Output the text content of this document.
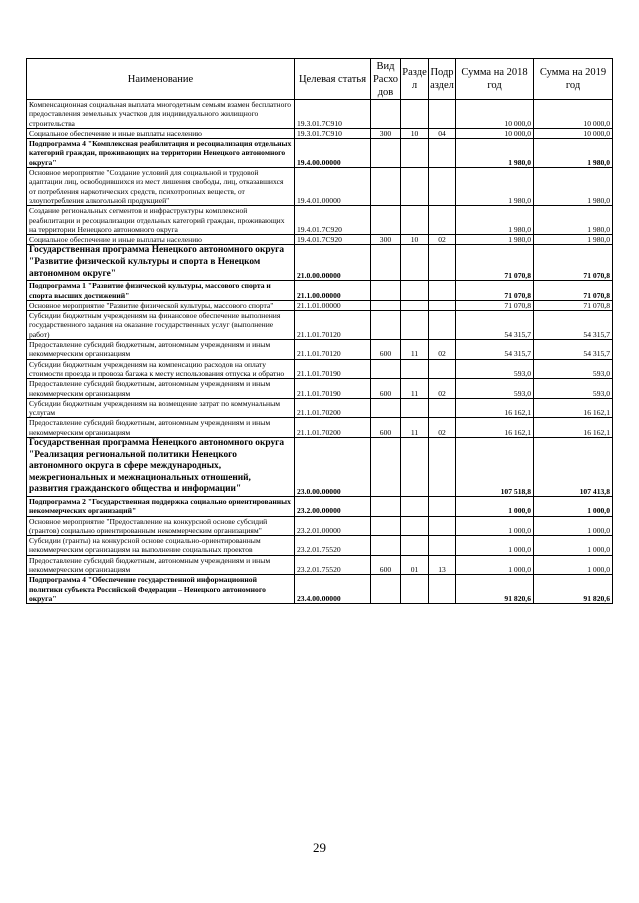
Наименование	Целевая статья	Вид Расхо дов	Разде л	Подр аздел	Сумма на 2018 год	Сумма на 2019 год
Компенсационная социальная выплата многодетным семьям взамен бесплатного предоставления земельных участков для индивидуального жилищного строительства	19.3.01.7С910				10 000,0	10 000,0
Социальное обеспечение и иные выплаты населению	19.3.01.7С910	300	10	04	10 000,0	10 000,0
Подпрограмма 4 "Комплексная реабилитация и ресоциализация отдельных категорий граждан, проживающих на территории Ненецкого автономного округа"	19.4.00.00000				1 980,0	1 980,0
Основное мероприятие "Создание условий для социальной и трудовой адаптации лиц, освободившихся из мест лишения свободы, лиц, отказавшихся от потребления наркотических средств, психотропных веществ, от злоупотребления алкогольной продукцией"	19.4.01.00000				1 980,0	1 980,0
Создание региональных сегментов и инфраструктуры комплексной реабилитации и ресоциализации отдельных категорий граждан, проживающих на территории Ненецкого автономного округа	19.4.01.7С920				1 980,0	1 980,0
Социальное обеспечение и иные выплаты населению	19.4.01.7С920	300	10	02	1 980,0	1 980,0
Государственная программа Ненецкого автономного округа "Развитие физической культуры и спорта в Ненецком автономном округе"	21.0.00.00000				71 070,8	71 070,8
Подпрограмма 1 "Развитие физической культуры, массового спорта и спорта высших достижений"	21.1.00.00000				71 070,8	71 070,8
Основное мероприятие "Развитие физической культуры, массового спорта"	21.1.01.00000				71 070,8	71 070,8
Субсидии бюджетным учреждениям на финансовое обеспечение выполнения государственного задания на оказание государственных услуг (выполнение работ)	21.1.01.70120				54 315,7	54 315,7
Предоставление субсидий бюджетным, автономным учреждениям и иным некоммерческим организациям	21.1.01.70120	600	11	02	54 315,7	54 315,7
Субсидии бюджетным учреждениям на компенсацию расходов на оплату стоимости проезда и провоза багажа к месту использования отпуска и обратно	21.1.01.70190				593,0	593,0
Предоставление субсидий бюджетным, автономным учреждениям и иным некоммерческим организациям	21.1.01.70190	600	11	02	593,0	593,0
Субсидии бюджетным учреждениям на возмещение затрат по коммунальным услугам	21.1.01.70200				16 162,1	16 162,1
Предоставление субсидий бюджетным, автономным учреждениям и иным некоммерческим организациям	21.1.01.70200	600	11	02	16 162,1	16 162,1
Государственная программа Ненецкого автономного округа "Реализация региональной политики Ненецкого автономного округа в сфере международных, межрегиональных и межнациональных отношений, развития гражданского общества и информации"	23.0.00.00000				107 518,8	107 413,8
Подпрограмма 2 "Государственная поддержка социально ориентированных некоммерческих организаций"	23.2.00.00000				1 000,0	1 000,0
Основное мероприятие "Предоставление на конкурсной основе субсидий (грантов) социально ориентированным некоммерческим организациям"	23.2.01.00000				1 000,0	1 000,0
Субсидии (гранты) на конкурсной основе социально-ориентированным некоммерческим организациям на выполнение социальных проектов	23.2.01.75520				1 000,0	1 000,0
Предоставление субсидий бюджетным, автономным учреждениям и иным некоммерческим организациям	23.2.01.75520	600	01	13	1 000,0	1 000,0
Подпрограмма 4 "Обеспечение государственной информационной политики субъекта Российской Федерации – Ненецкого автономного округа"	23.4.00.00000				91 820,6	91 820,6
29
